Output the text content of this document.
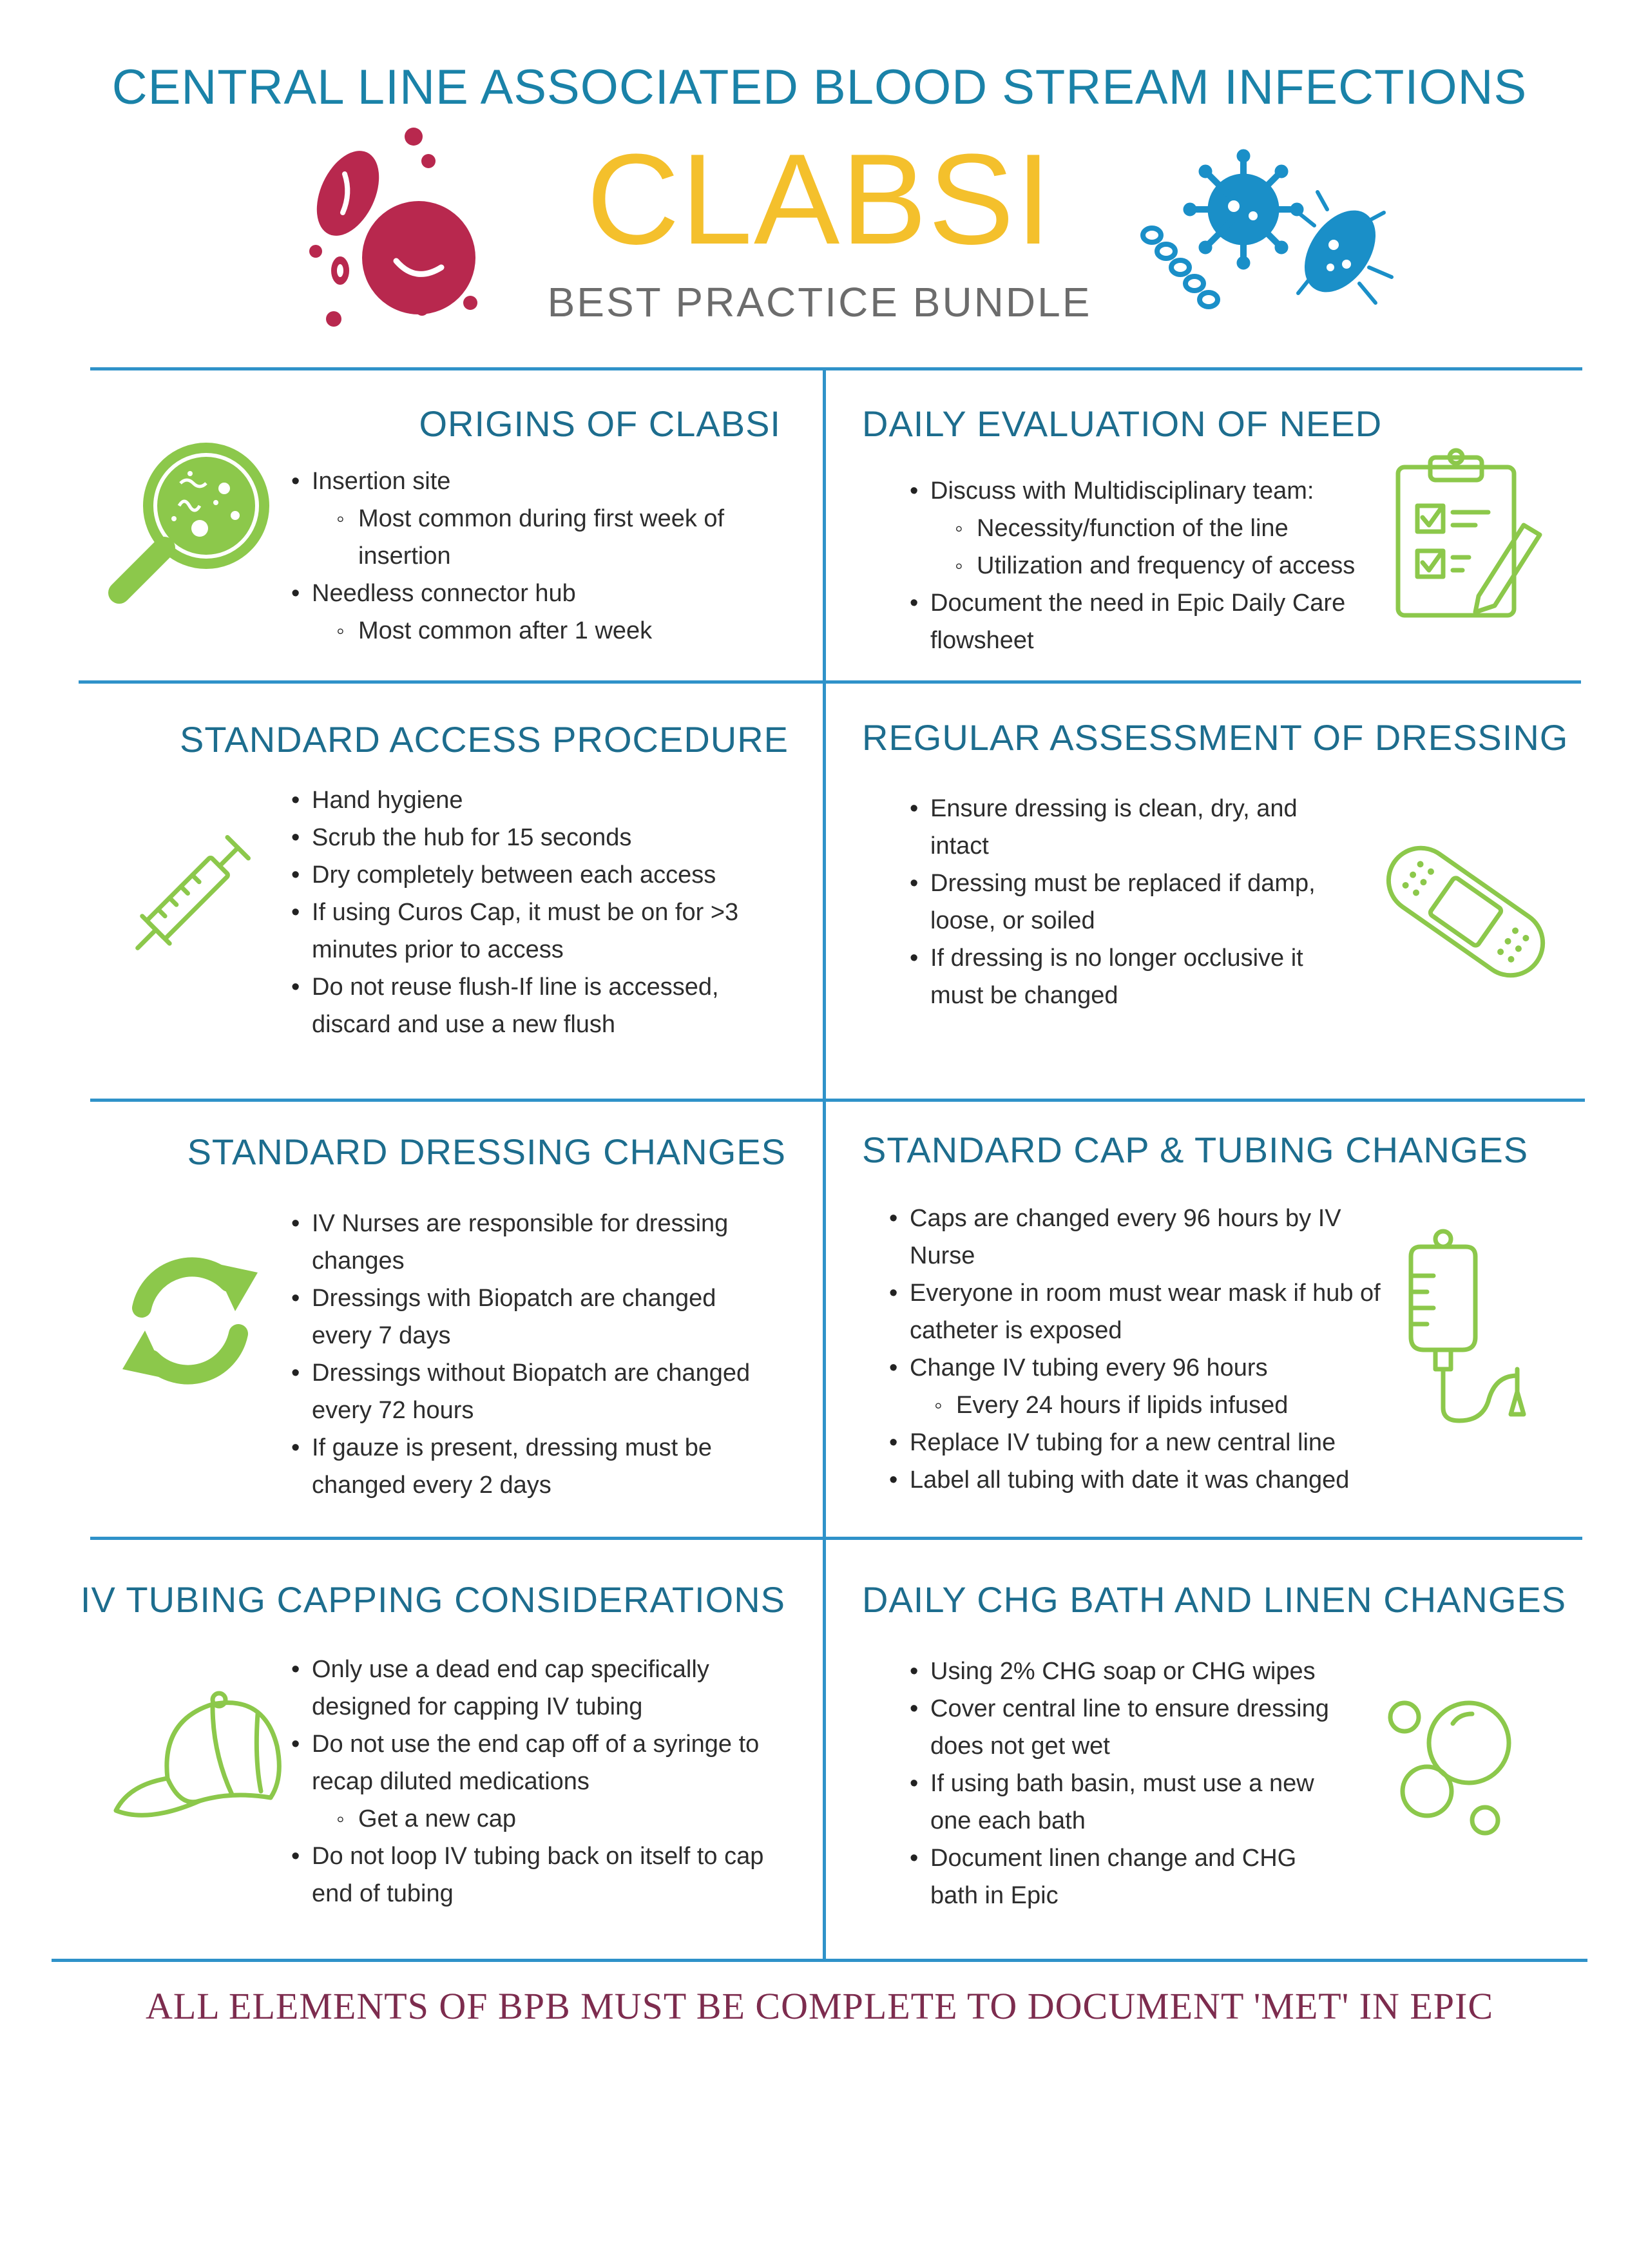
CENTRAL LINE ASSOCIATED BLOOD STREAM INFECTIONS
CLABSI
BEST PRACTICE BUNDLE
ORIGINS OF CLABSI
• Insertion site
◦ Most common during first week of
insertion
• Needless connector hub
◦ Most common after 1 week
DAILY EVALUATION OF NEED
• Discuss with Multidisciplinary team:
◦ Necessity/function of the line
◦ Utilization and frequency of access
• Document the need in Epic Daily Care
flowsheet
STANDARD ACCESS PROCEDURE
• Hand hygiene
• Scrub the hub for 15 seconds
• Dry completely between each access
• If using Curos Cap, it must be on for >3
minutes prior to access
• Do not reuse flush-If line is accessed,
discard and use a new flush
REGULAR ASSESSMENT OF DRESSING
• Ensure dressing is clean, dry, and
intact
• Dressing must be replaced if damp,
loose, or soiled
• If dressing is no longer occlusive it
must be changed
STANDARD DRESSING CHANGES
• IV Nurses are responsible for dressing
changes
• Dressings with Biopatch are changed
every 7 days
• Dressings without Biopatch are changed
every 72 hours
• If gauze is present, dressing must be
changed every 2 days
STANDARD CAP & TUBING CHANGES
• Caps are changed every 96 hours by IV
Nurse
• Everyone in room must wear mask if hub of
catheter is exposed
• Change IV tubing every 96 hours
◦ Every 24 hours if lipids infused
• Replace IV tubing for a new central line
• Label all tubing with date it was changed
IV TUBING CAPPING CONSIDERATIONS
• Only use a dead end cap specifically
designed for capping IV tubing
• Do not use the end cap off of a syringe to
recap diluted medications
◦ Get a new cap
• Do not loop IV tubing back on itself to cap
end of tubing
DAILY CHG BATH AND LINEN CHANGES
• Using 2% CHG soap or CHG wipes
• Cover central line to ensure dressing
does not get wet
• If using bath basin, must use a new
one each bath
• Document linen change and CHG
bath in Epic
ALL ELEMENTS OF BPB MUST BE COMPLETE TO DOCUMENT 'MET' IN EPIC
